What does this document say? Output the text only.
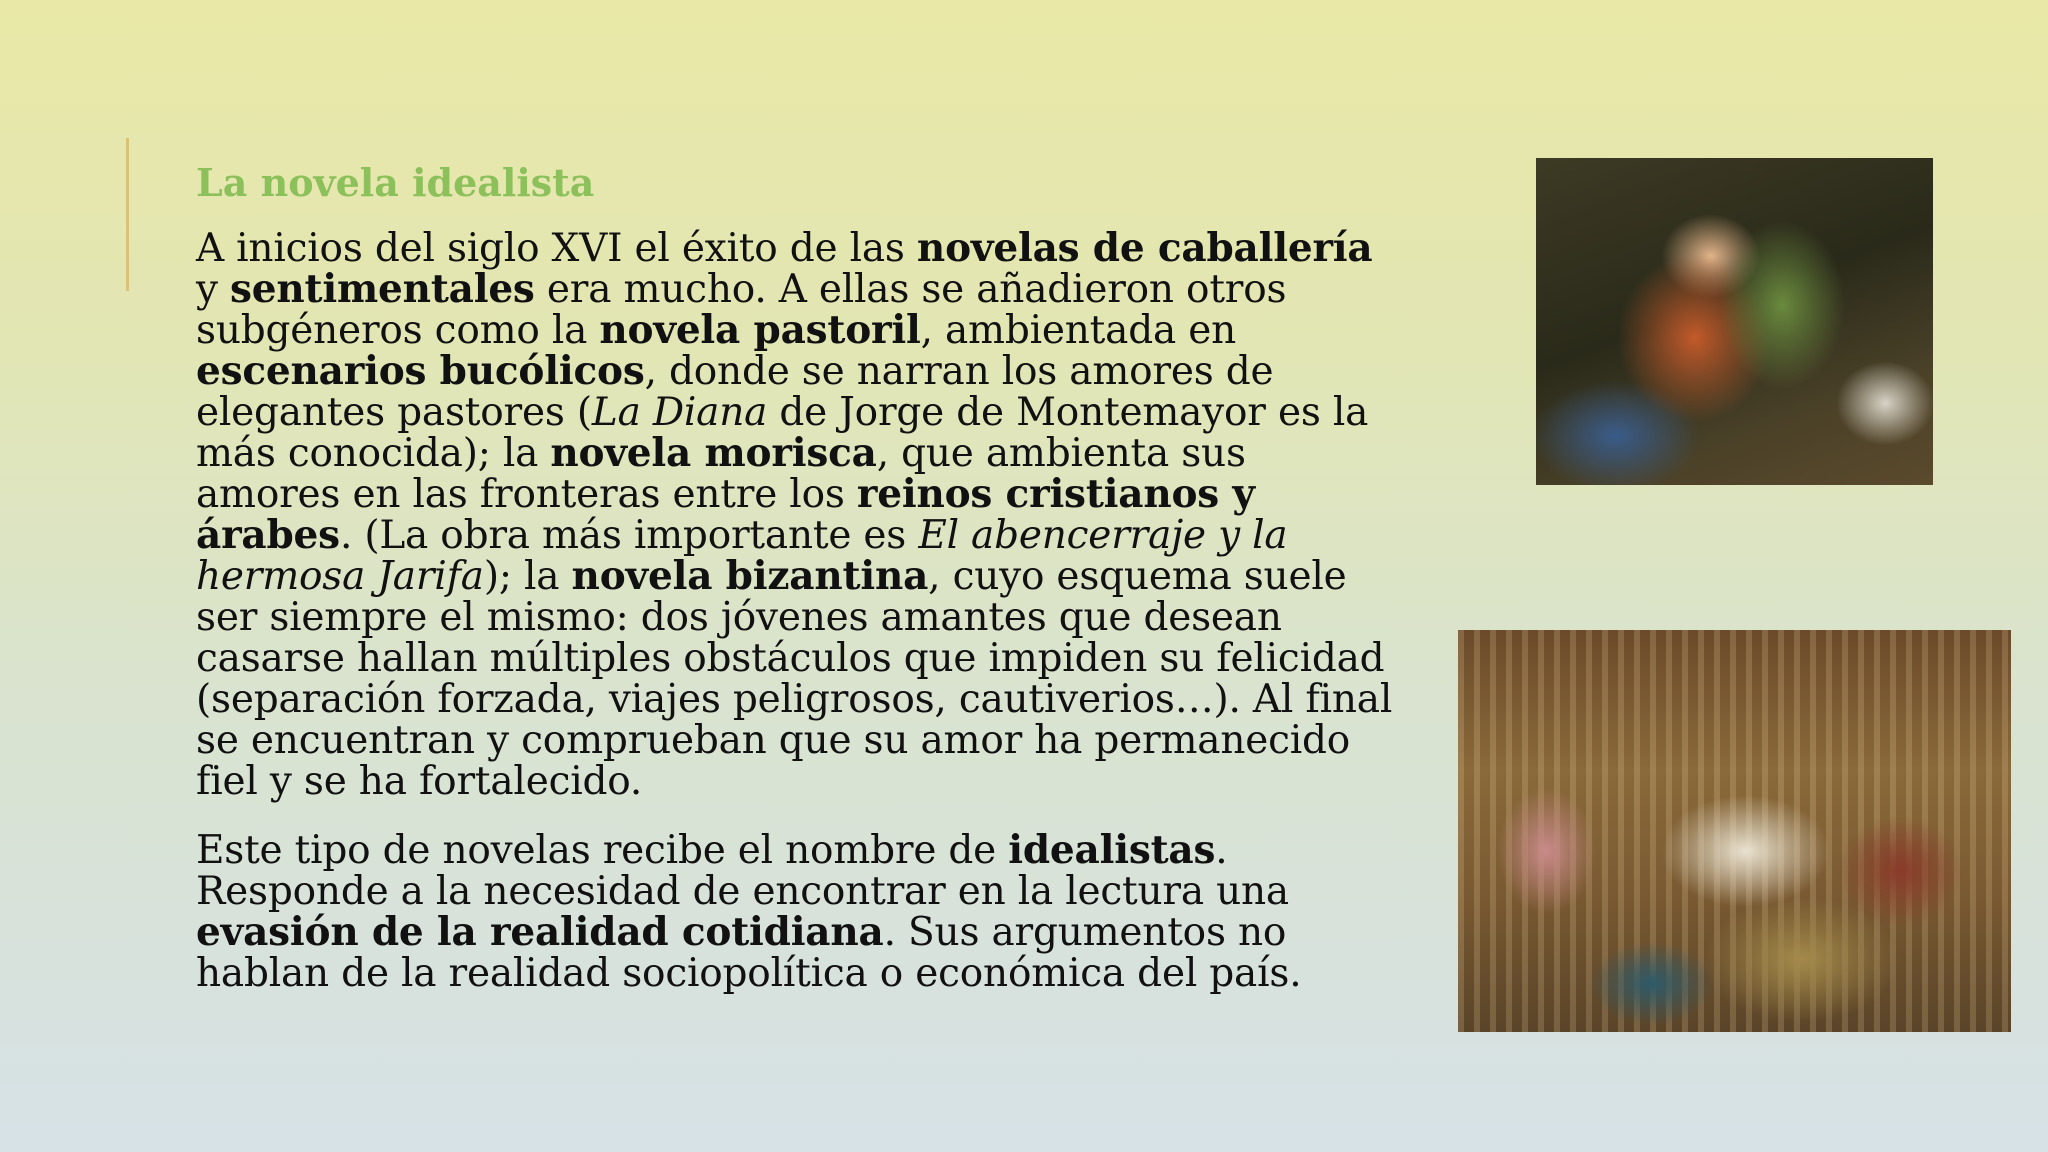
La novela idealista

A inicios del siglo XVI el éxito de las novelas de caballería y sentimentales era mucho. A ellas se añadieron otros subgéneros como la novela pastoril, ambientada en escenarios bucólicos, donde se narran los amores de elegantes pastores (La Diana de Jorge de Montemayor es la más conocida); la novela morisca, que ambienta sus amores en las fronteras entre los reinos cristianos y árabes. (La obra más importante es El abencerraje y la hermosa Jarifa); la novela bizantina, cuyo esquema suele ser siempre el mismo: dos jóvenes amantes que desean casarse hallan múltiples obstáculos que impiden su felicidad (separación forzada, viajes peligrosos, cautiverios…). Al final se encuentran y comprueban que su amor ha permanecido fiel y se ha fortalecido.

Este tipo de novelas recibe el nombre de idealistas. Responde a la necesidad de encontrar en la lectura una evasión de la realidad cotidiana. Sus argumentos no hablan de la realidad sociopolítica o económica del país.
